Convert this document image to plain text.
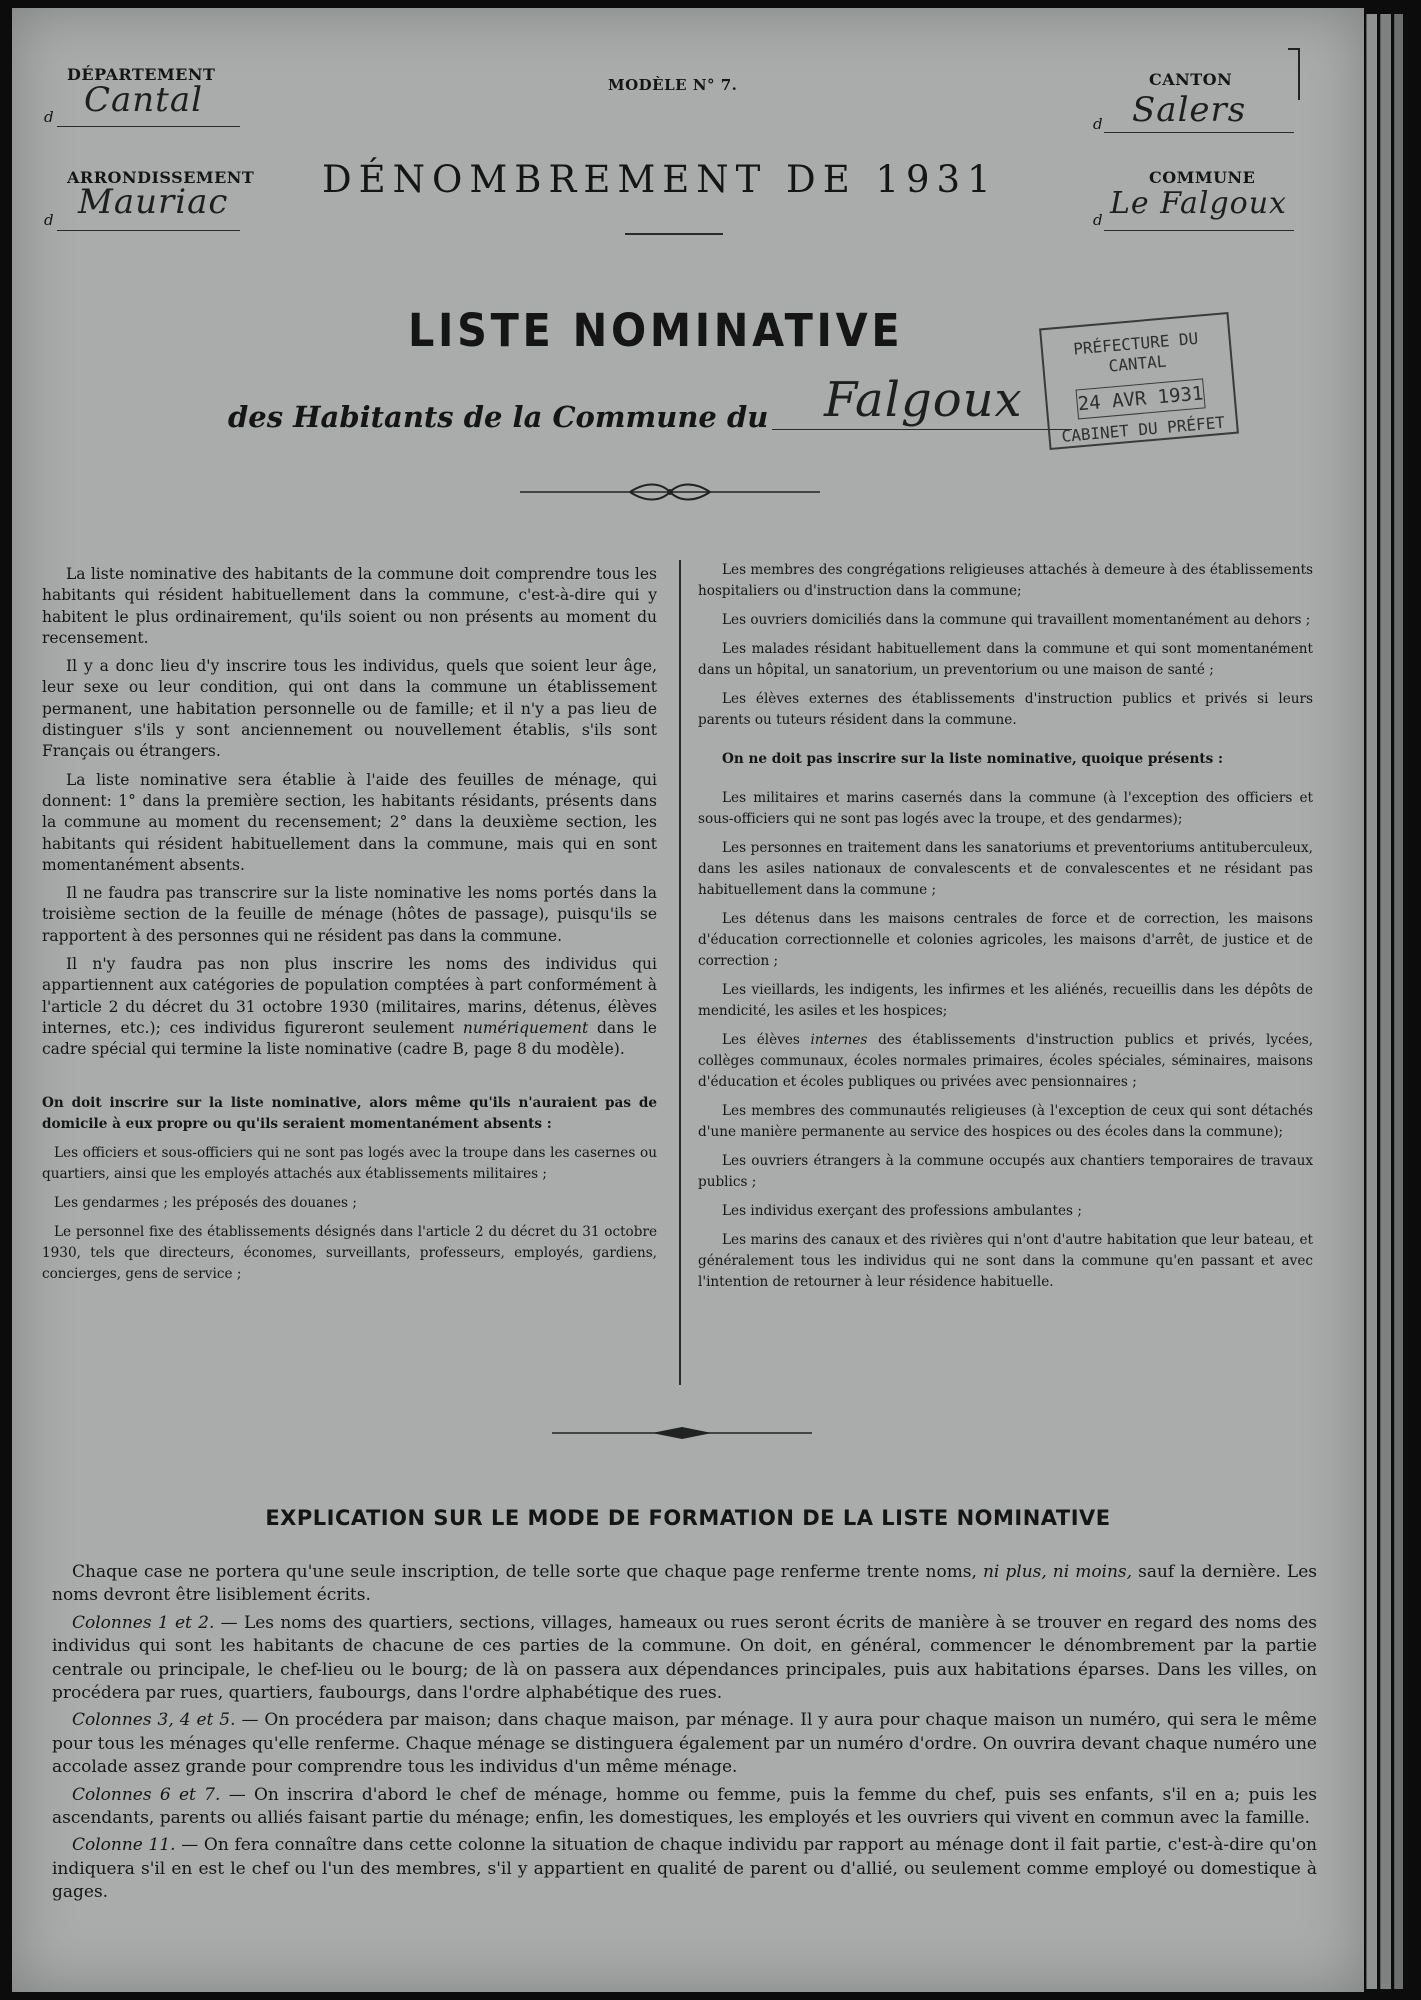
DÉPARTEMENT
d Cantal
ARRONDISSEMENT
d Mauriac
MODÈLE N° 7.	CANTON
d Salers
COMMUNE
d Le Falgoux
DÉNOMBREMENT DE 1931
LISTE NOMINATIVE
des Habitants de la Commune du Falgoux
PRÉFECTURE DU CANTAL
24 AVR 1931
CABINET DU PRÉFET

La liste nominative des habitants de la commune doit comprendre tous les habitants qui résident habituellement dans la commune, c'est-à-dire qui y habitent le plus ordinairement, qu'ils soient ou non présents au moment du recensement.

Il y a donc lieu d'y inscrire tous les individus, quels que soient leur âge, leur sexe ou leur condition, qui ont dans la commune un établissement permanent, une habitation personnelle ou de famille; et il n'y a pas lieu de distinguer s'ils y sont anciennement ou nouvellement établis, s'ils sont Français ou étrangers.

La liste nominative sera établie à l'aide des feuilles de ménage, qui donnent: 1° dans la première section, les habitants résidants, présents dans la commune au moment du recensement; 2° dans la deuxième section, les habitants qui résident habituellement dans la commune, mais qui en sont momentanément absents.

Il ne faudra pas transcrire sur la liste nominative les noms portés dans la troisième section de la feuille de ménage (hôtes de passage), puisqu'ils se rapportent à des personnes qui ne résident pas dans la commune.

Il n'y faudra pas non plus inscrire les noms des individus qui appartiennent aux catégories de population comptées à part conformément à l'article 2 du décret du 31 octobre 1930 (militaires, marins, détenus, élèves internes, etc.); ces individus figureront seulement numériquement dans le cadre spécial qui termine la liste nominative (cadre B, page 8 du modèle).

On doit inscrire sur la liste nominative, alors même qu'ils n'auraient pas de domicile à eux propre ou qu'ils seraient momentanément absents :

Les officiers et sous-officiers qui ne sont pas logés avec la troupe dans les casernes ou quartiers, ainsi que les employés attachés aux établissements militaires ;

Les gendarmes ; les préposés des douanes ;

Le personnel fixe des établissements désignés dans l'article 2 du décret du 31 octobre 1930, tels que directeurs, économes, surveillants, professeurs, employés, gardiens, concierges, gens de service ;

Les membres des congrégations religieuses attachés à demeure à des établissements hospitaliers ou d'instruction dans la commune;

Les ouvriers domiciliés dans la commune qui travaillent momentanément au dehors ;

Les malades résidant habituellement dans la commune et qui sont momentanément dans un hôpital, un sanatorium, un preventorium ou une maison de santé ;

Les élèves externes des établissements d'instruction publics et privés si leurs parents ou tuteurs résident dans la commune.

On ne doit pas inscrire sur la liste nominative, quoique présents :

Les militaires et marins casernés dans la commune (à l'exception des officiers et sous-officiers qui ne sont pas logés avec la troupe, et des gendarmes);

Les personnes en traitement dans les sanatoriums et preventoriums antituberculeux, dans les asiles nationaux de convalescents et de convalescentes et ne résidant pas habituellement dans la commune ;

Les détenus dans les maisons centrales de force et de correction, les maisons d'éducation correctionnelle et colonies agricoles, les maisons d'arrêt, de justice et de correction ;

Les vieillards, les indigents, les infirmes et les aliénés, recueillis dans les dépôts de mendicité, les asiles et les hospices;

Les élèves internes des établissements d'instruction publics et privés, lycées, collèges communaux, écoles normales primaires, écoles spéciales, séminaires, maisons d'éducation et écoles publiques ou privées avec pensionnaires ;

Les membres des communautés religieuses (à l'exception de ceux qui sont détachés d'une manière permanente au service des hospices ou des écoles dans la commune);

Les ouvriers étrangers à la commune occupés aux chantiers temporaires de travaux publics ;

Les individus exerçant des professions ambulantes ;

Les marins des canaux et des rivières qui n'ont d'autre habitation que leur bateau, et généralement tous les individus qui ne sont dans la commune qu'en passant et avec l'intention de retourner à leur résidence habituelle.

EXPLICATION SUR LE MODE DE FORMATION DE LA LISTE NOMINATIVE

Chaque case ne portera qu'une seule inscription, de telle sorte que chaque page renferme trente noms, ni plus, ni moins, sauf la dernière. Les noms devront être lisiblement écrits.

Colonnes 1 et 2. — Les noms des quartiers, sections, villages, hameaux ou rues seront écrits de manière à se trouver en regard des noms des individus qui sont les habitants de chacune de ces parties de la commune. On doit, en général, commencer le dénombrement par la partie centrale ou principale, le chef-lieu ou le bourg; de là on passera aux dépendances principales, puis aux habitations éparses. Dans les villes, on procédera par rues, quartiers, faubourgs, dans l'ordre alphabétique des rues.

Colonnes 3, 4 et 5. — On procédera par maison; dans chaque maison, par ménage. Il y aura pour chaque maison un numéro, qui sera le même pour tous les ménages qu'elle renferme. Chaque ménage se distinguera également par un numéro d'ordre. On ouvrira devant chaque numéro une accolade assez grande pour comprendre tous les individus d'un même ménage.

Colonnes 6 et 7. — On inscrira d'abord le chef de ménage, homme ou femme, puis la femme du chef, puis ses enfants, s'il en a; puis les ascendants, parents ou alliés faisant partie du ménage; enfin, les domestiques, les employés et les ouvriers qui vivent en commun avec la famille.

Colonne 11. — On fera connaître dans cette colonne la situation de chaque individu par rapport au ménage dont il fait partie, c'est-à-dire qu'on indiquera s'il en est le chef ou l'un des membres, s'il y appartient en qualité de parent ou d'allié, ou seulement comme employé ou domestique à gages.
